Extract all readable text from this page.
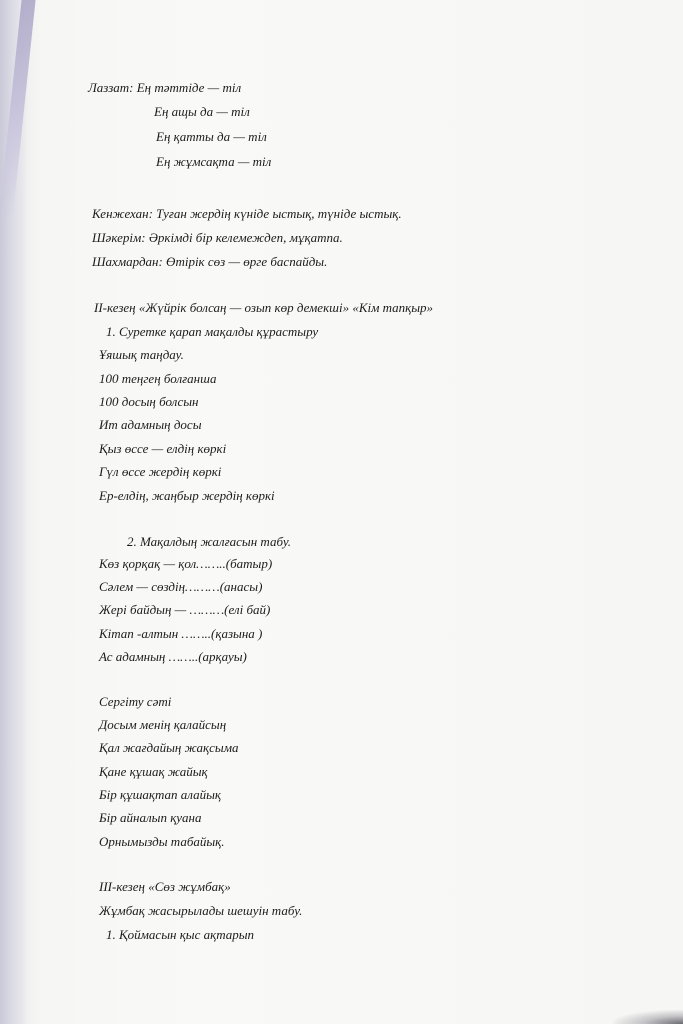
Лаззат: Ең тәттіде — тіл
Ең ащы да — тіл
Ең қатты да — тіл
Ең жұмсақта — тіл
Кенжехан: Туған жердің күніде ыстық, түніде ыстық.
Шәкерім: Әркімді бір келемеждеп, мұқатпа.
Шахмардан: Өтірік сөз — өрге баспайды.
ІІ-кезең «Жүйрік болсаң — озып көр демекші» «Кім тапқыр»
1. Суретке қарап мақалды құрастыру
Ұяшық таңдау.
100 теңгең болғанша
100 досың болсын
Ит адамның досы
Қыз өссе — елдің көркі
Гүл өссе жердің көркі
Ер-елдің, жаңбыр жердің көркі
2. Мақалдың жалғасын табу.
Көз қорқақ — қол……..(батыр)
Сәлем — сөздің………(анасы)
Жері байдың — ………(елі бай)
Кітап -алтын ……..(қазына )
Ас адамның ……..(арқауы)
Сергіту сәті
Досым менің қалайсың
Қал жағдайың жақсыма
Қане құшақ жайық
Бір құшақтап алайық
Бір айналып қуана
Орнымызды табайық.
ІІІ-кезең «Сөз жұмбақ»
Жұмбақ жасырылады шешуін табу.
1. Қоймасын қыс ақтарып
